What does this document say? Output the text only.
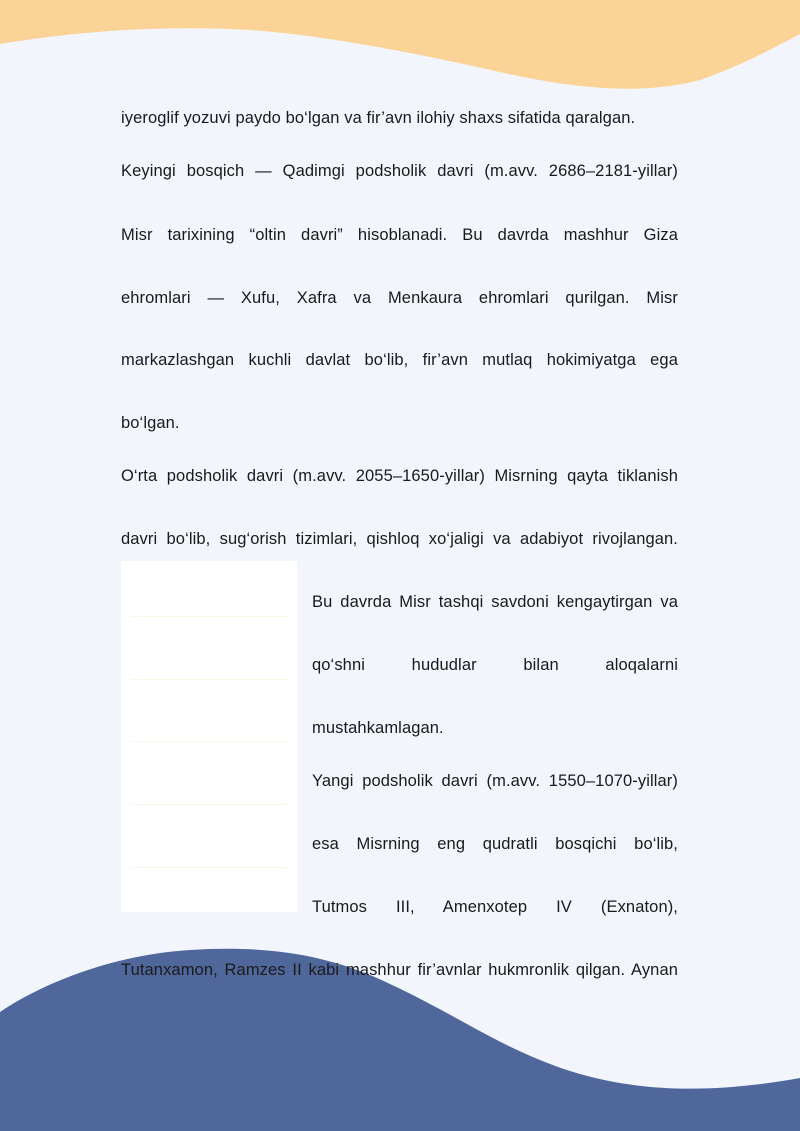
iyeroglif yozuvi paydo bo‘lgan va fir’avn ilohiy shaxs sifatida qaralgan.
Keyingi bosqich — Qadimgi podsholik davri (m.avv. 2686–2181-yillar)
Misr tarixining “oltin davri” hisoblanadi. Bu davrda mashhur Giza
ehromlari — Xufu, Xafra va Menkaura ehromlari qurilgan. Misr
markazlashgan kuchli davlat bo‘lib, fir’avn mutlaq hokimiyatga ega
bo‘lgan.
O‘rta podsholik davri (m.avv. 2055–1650-yillar) Misrning qayta tiklanish
davri bo‘lib, sug‘orish tizimlari, qishloq xo‘jaligi va adabiyot rivojlangan.
Bu davrda Misr tashqi savdoni kengaytirgan va
qo‘shni hududlar bilan aloqalarni
mustahkamlagan.
Yangi podsholik davri (m.avv. 1550–1070-yillar)
esa Misrning eng qudratli bosqichi bo‘lib,
Tutmos III, Amenxotep IV (Exnaton),
Tutanxamon, Ramzes II kabi mashhur fir’avnlar hukmronlik qilgan. Aynan
